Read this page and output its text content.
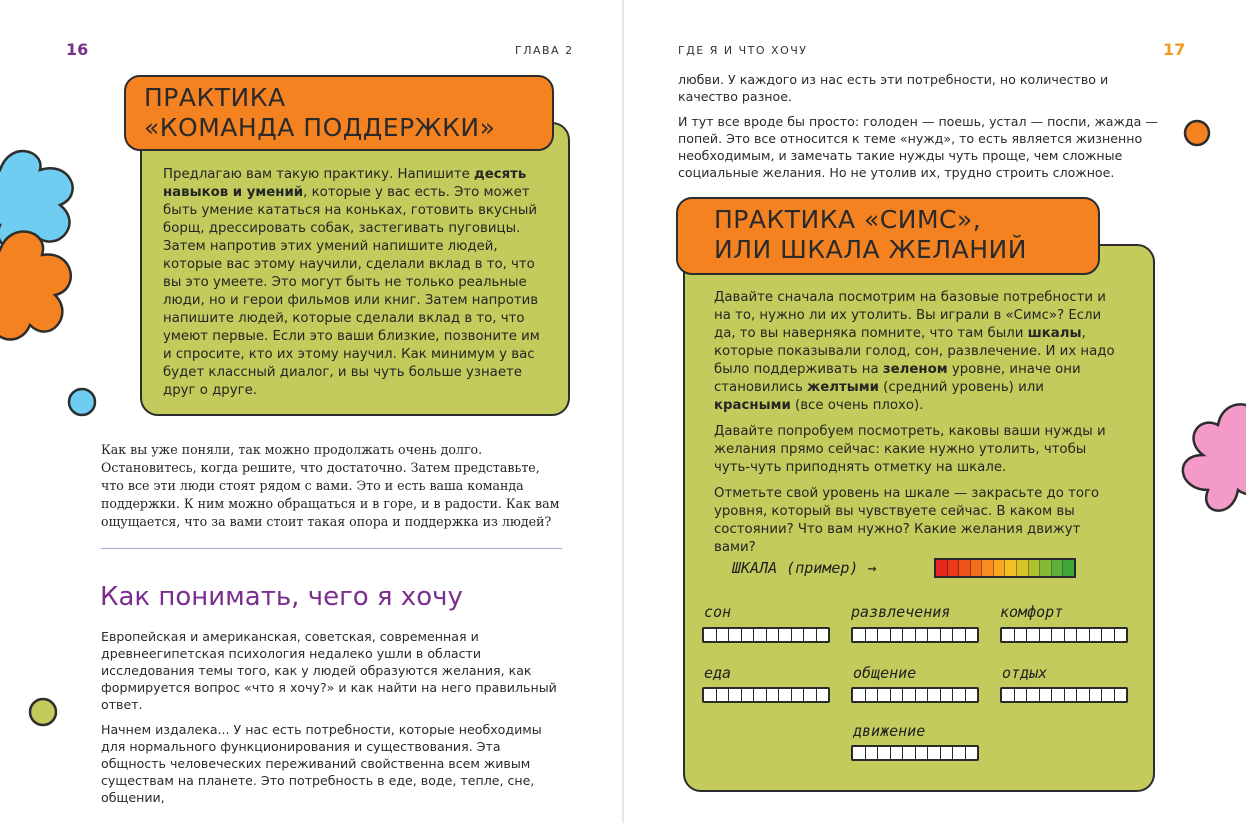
16	ГЛАВА 2
ПРАКТИКА
«КОМАНДА ПОДДЕРЖКИ»
Предлагаю вам такую практику. Напишите десять навыков и умений, которые у вас есть. Это может быть умение кататься на коньках, готовить вкусный борщ, дрессировать собак, застегивать пуговицы. Затем напротив этих умений напишите людей, которые вас этому научили, сделали вклад в то, что вы это умеете. Это могут быть не только реальные люди, но и герои фильмов или книг. Затем напротив напишите людей, которые сделали вклад в то, что умеют первые. Если это ваши близкие, позвоните им и спросите, кто их этому научил. Как минимум у вас будет классный диалог, и вы чуть больше узнаете друг о друге.
Как вы уже поняли, так можно продолжать очень долго. Остановитесь, когда решите, что достаточно. Затем представьте, что все эти люди стоят рядом с вами. Это и есть ваша команда поддержки. К ним можно обращаться и в горе, и в радости. Как вам ощущается, что за вами стоит такая опора и поддержка из людей?
Как понимать, чего я хочу

Европейская и американская, советская, современная и древнеегипетская психология недалеко ушли в области исследования темы того, как у людей образуются желания, как формируется вопрос «что я хочу?» и как найти на него правильный ответ.

Начнем издалека... У нас есть потребности, которые необходимы для нормального функционирования и существования. Эта общность человеческих переживаний свойственна всем живым существам на планете. Это потребность в еде, воде, тепле, сне, общении,

ГДЕ Я И ЧТО ХОЧУ	17

любви. У каждого из нас есть эти потребности, но количество и качество разное.

И тут все вроде бы просто: голоден — поешь, устал — поспи, жажда — попей. Это все относится к теме «нужд», то есть является жизненно необходимым, и замечать такие нужды чуть проще, чем сложные социальные желания. Но не утолив их, трудно строить сложное.

ПРАКТИКА «СИМС»,
ИЛИ ШКАЛА ЖЕЛАНИЙ
Давайте сначала посмотрим на базовые потребности и на то, нужно ли их утолить. Вы играли в «Симс»? Если да, то вы наверняка помните, что там были шкалы, которые показывали голод, сон, развлечение. И их надо было поддерживать на зеленом уровне, иначе они становились желтыми (средний уровень) или красными (все очень плохо).
Давайте попробуем посмотреть, каковы ваши нужды и желания прямо сейчас: какие нужно утолить, чтобы чуть-чуть приподнять отметку на шкале.
Отметьте свой уровень на шкале — закрасьте до того уровня, который вы чувствуете сейчас. В каком вы состоянии? Что вам нужно? Какие желания движут вами?
ШКАЛА (пример) →
сон	развлечения	комфорт
еда	общение	отдых
движение
